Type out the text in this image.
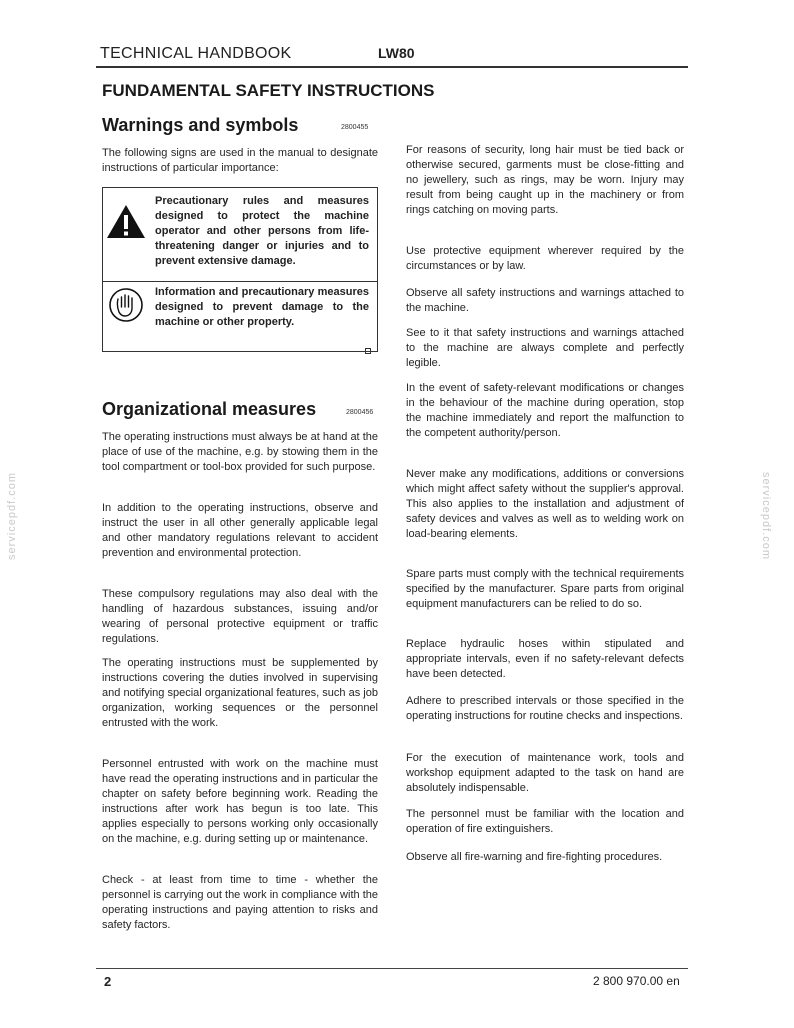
TECHNICAL HANDBOOK	LW80
FUNDAMENTAL SAFETY INSTRUCTIONS
Warnings and symbols	2800455

The following signs are used in the manual to designate instructions of particular importance:

Precautionary rules and measures designed to protect the machine operator and other persons from life-threatening danger or injuries and to prevent extensive damage.
Information and precautionary measures designed to prevent damage to the machine or other property.
Organizational measures	2800456

The operating instructions must always be at hand at the place of use of the machine, e.g. by stowing them in the tool compartment or tool-box provided for such purpose.

In addition to the operating instructions, observe and instruct the user in all other generally applicable legal and other mandatory regulations relevant to accident prevention and environmental protection.

These compulsory regulations may also deal with the handling of hazardous substances, issuing and/or wearing of personal protective equipment or traffic regulations.

The operating instructions must be supplemented by instructions covering the duties involved in supervising and notifying special organizational features, such as job organization, working sequences or the personnel entrusted with the work.

Personnel entrusted with work on the machine must have read the operating instructions and in particular the chapter on safety before beginning work. Reading the instructions after work has begun is too late. This applies especially to persons working only occasionally on the machine, e.g. during setting up or maintenance.

Check - at least from time to time - whether the personnel is carrying out the work in compliance with the operating instructions and paying attention to risks and safety factors.

For reasons of security, long hair must be tied back or otherwise secured, garments must be close-fitting and no jewellery, such as rings, may be worn. Injury may result from being caught up in the machinery or from rings catching on moving parts.

Use protective equipment wherever required by the circumstances or by law.

Observe all safety instructions and warnings attached to the machine.

See to it that safety instructions and warnings attached to the machine are always complete and perfectly legible.

In the event of safety-relevant modifications or changes in the behaviour of the machine during operation, stop the machine immediately and report the malfunction to the competent authority/person.

Never make any modifications, additions or conversions which might affect safety without the supplier's approval. This also applies to the installation and adjustment of safety devices and valves as well as to welding work on load-bearing elements.

Spare parts must comply with the technical requirements specified by the manufacturer. Spare parts from original equipment manufacturers can be relied to do so.

Replace hydraulic hoses within stipulated and appropriate intervals, even if no safety-relevant defects have been detected.

Adhere to prescribed intervals or those specified in the operating instructions for routine checks and inspections.

For the execution of maintenance work, tools and workshop equipment adapted to the task on hand are absolutely indispensable.

The personnel must be familiar with the location and operation of fire extinguishers.

Observe all fire-warning and fire-fighting procedures.

servicepdf.com	servicepdf.com
2	2 800 970.00 en
